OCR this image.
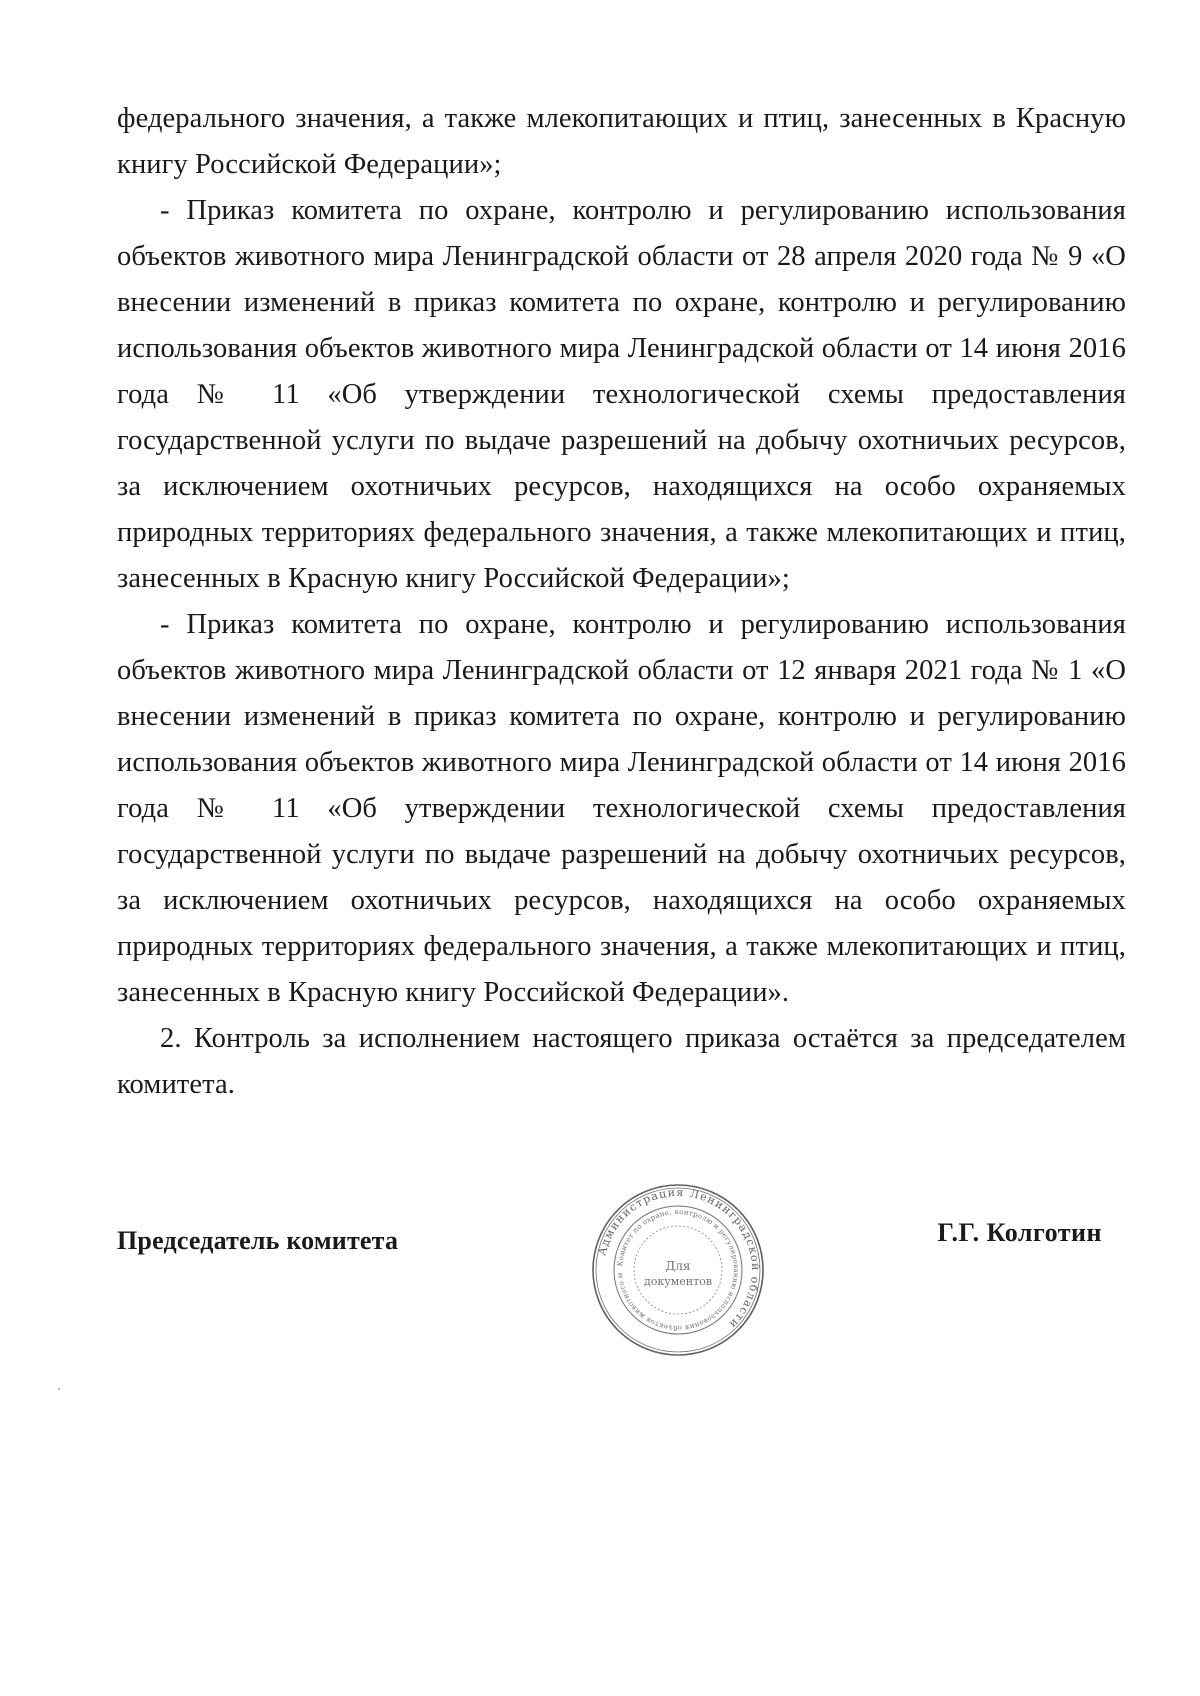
федерального значения, а также млекопитающих и птиц, занесенных в Красную книгу Российской Федерации»;

- Приказ комитета по охране, контролю и регулированию использования объектов животного мира Ленинградской области от 28 апреля 2020 года № 9 «О внесении изменений в приказ комитета по охране, контролю и регулированию использования объектов животного мира Ленинградской области от 14 июня 2016 года № 11 «Об утверждении технологической схемы предоставления государственной услуги по выдаче разрешений на добычу охотничьих ресурсов, за исключением охотничьих ресурсов, находящихся на особо охраняемых природных территориях федерального значения, а также млекопитающих и птиц, занесенных в Красную книгу Российской Федерации»;

- Приказ комитета по охране, контролю и регулированию использования объектов животного мира Ленинградской области от 12 января 2021 года № 1 «О внесении изменений в приказ комитета по охране, контролю и регулированию использования объектов животного мира Ленинградской области от 14 июня 2016 года № 11 «Об утверждении технологической схемы предоставления государственной услуги по выдаче разрешений на добычу охотничьих ресурсов, за исключением охотничьих ресурсов, находящихся на особо охраняемых природных территориях федерального значения, а также млекопитающих и птиц, занесенных в Красную книгу Российской Федерации».

2. Контроль за исполнением настоящего приказа остаётся за председателем комитета.

Председатель комитета	Г.Г. Колготин
Администрация Ленинградской области
Комитет по охране, контролю и регулированию использования объектов животного м
Для
документов
